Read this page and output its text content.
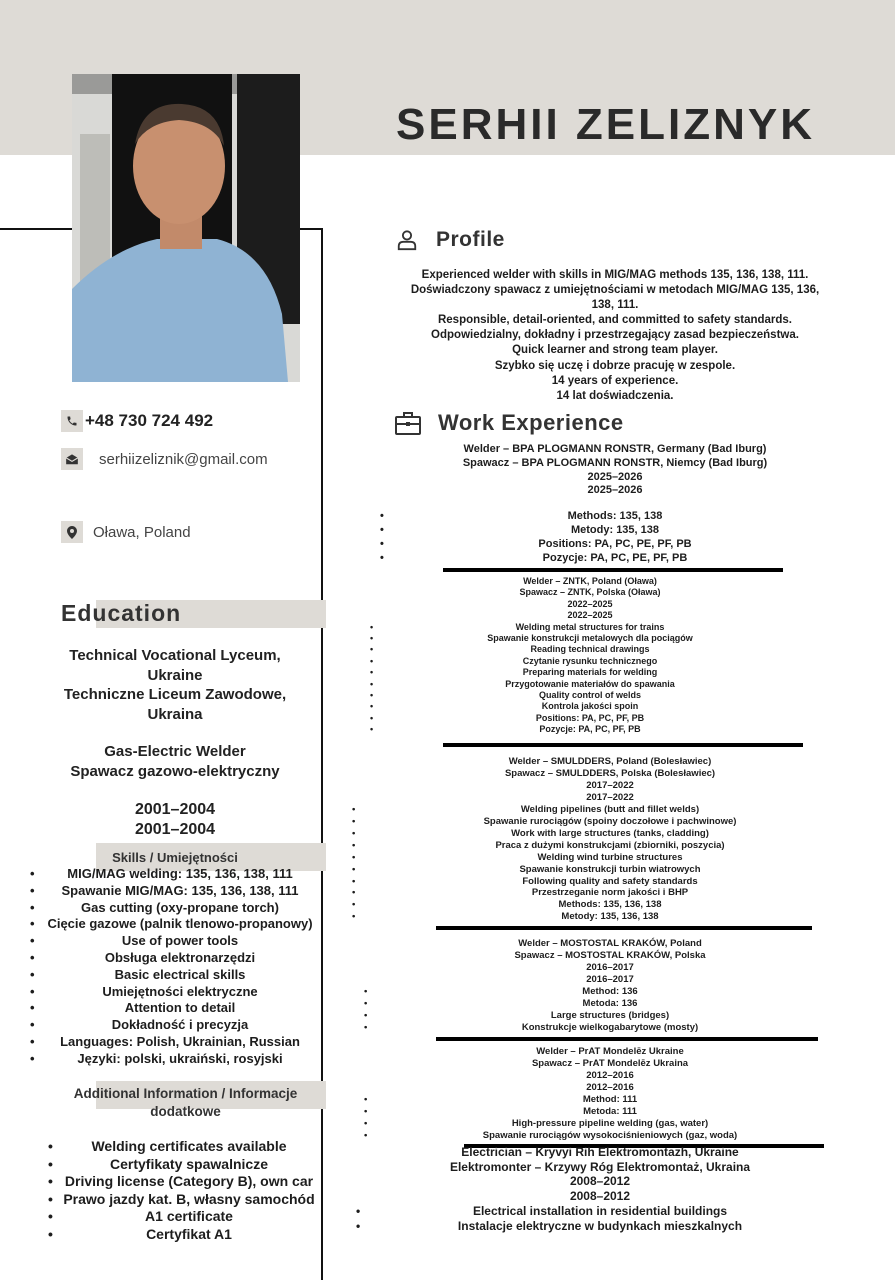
SERHII ZELIZNYK
+48 730 724 492
serhiizeliznik@gmail.com
Oława, Poland
Education
Technical Vocational Lyceum,
Ukraine
Techniczne Liceum Zawodowe,
Ukraina
Gas-Electric Welder
Spawacz gazowo-elektryczny
2001–2004
2001–2004
Skills / Umiejętności
• MIG/MAG welding: 135, 136, 138, 111
• Spawanie MIG/MAG: 135, 136, 138, 111
• Gas cutting (oxy-propane torch)
• Cięcie gazowe (palnik tlenowo-propanowy)
• Use of power tools
• Obsługa elektronarzędzi
• Basic electrical skills
• Umiejętności elektryczne
• Attention to detail
• Dokładność i precyzja
• Languages: Polish, Ukrainian, Russian
• Języki: polski, ukraiński, rosyjski
Additional Information / Informacje
dodatkowe
• Welding certificates available
• Certyfikaty spawalnicze
• Driving license (Category B), own car
• Prawo jazdy kat. B, własny samochód
• A1 certificate
• Certyfikat A1
Profile
Experienced welder with skills in MIG/MAG methods 135, 136, 138, 111.
Doświadczony spawacz z umiejętnościami w metodach MIG/MAG 135, 136,
138, 111.
Responsible, detail-oriented, and committed to safety standards.
Odpowiedzialny, dokładny i przestrzegający zasad bezpieczeństwa.
Quick learner and strong team player.
Szybko się uczę i dobrze pracuję w zespole.
14 years of experience.
14 lat doświadczenia.
Work Experience
Welder – BPA PLOGMANN RONSTR, Germany (Bad Iburg)
Spawacz – BPA PLOGMANN RONSTR, Niemcy (Bad Iburg)
2025–2026
2025–2026
• Methods: 135, 138
• Metody: 135, 138
• Positions: PA, PC, PE, PF, PB
• Pozycje: PA, PC, PE, PF, PB
Welder – ZNTK, Poland (Oława)
Spawacz – ZNTK, Polska (Oława)
2022–2025
2022–2025
• Welding metal structures for trains
• Spawanie konstrukcji metalowych dla pociągów
• Reading technical drawings
• Czytanie rysunku technicznego
• Preparing materials for welding
• Przygotowanie materiałów do spawania
• Quality control of welds
• Kontrola jakości spoin
• Positions: PA, PC, PF, PB
• Pozycje: PA, PC, PF, PB
Welder – SMULDDERS, Poland (Bolesławiec)
Spawacz – SMULDDERS, Polska (Bolesławiec)
2017–2022
2017–2022
• Welding pipelines (butt and fillet welds)
• Spawanie rurociągów (spoiny doczołowe i pachwinowe)
• Work with large structures (tanks, cladding)
• Praca z dużymi konstrukcjami (zbiorniki, poszycia)
• Welding wind turbine structures
• Spawanie konstrukcji turbin wiatrowych
• Following quality and safety standards
• Przestrzeganie norm jakości i BHP
• Methods: 135, 136, 138
• Metody: 135, 136, 138
Welder – MOSTOSTAL KRAKÓW, Poland
Spawacz – MOSTOSTAL KRAKÓW, Polska
2016–2017
2016–2017
• Method: 136
• Metoda: 136
• Large structures (bridges)
• Konstrukcje wielkogabarytowe (mosty)
Welder – PrAT Mondelēz Ukraine
Spawacz – PrAT Mondelēz Ukraina
2012–2016
2012–2016
• Method: 111
• Metoda: 111
• High-pressure pipeline welding (gas, water)
• Spawanie rurociągów wysokociśnieniowych (gaz, woda)
Electrician – Kryvyi Rih Elektromontazh, Ukraine
Elektromonter – Krzywy Róg Elektromontaż, Ukraina
2008–2012
2008–2012
• Electrical installation in residential buildings
• Instalacje elektryczne w budynkach mieszkalnych
